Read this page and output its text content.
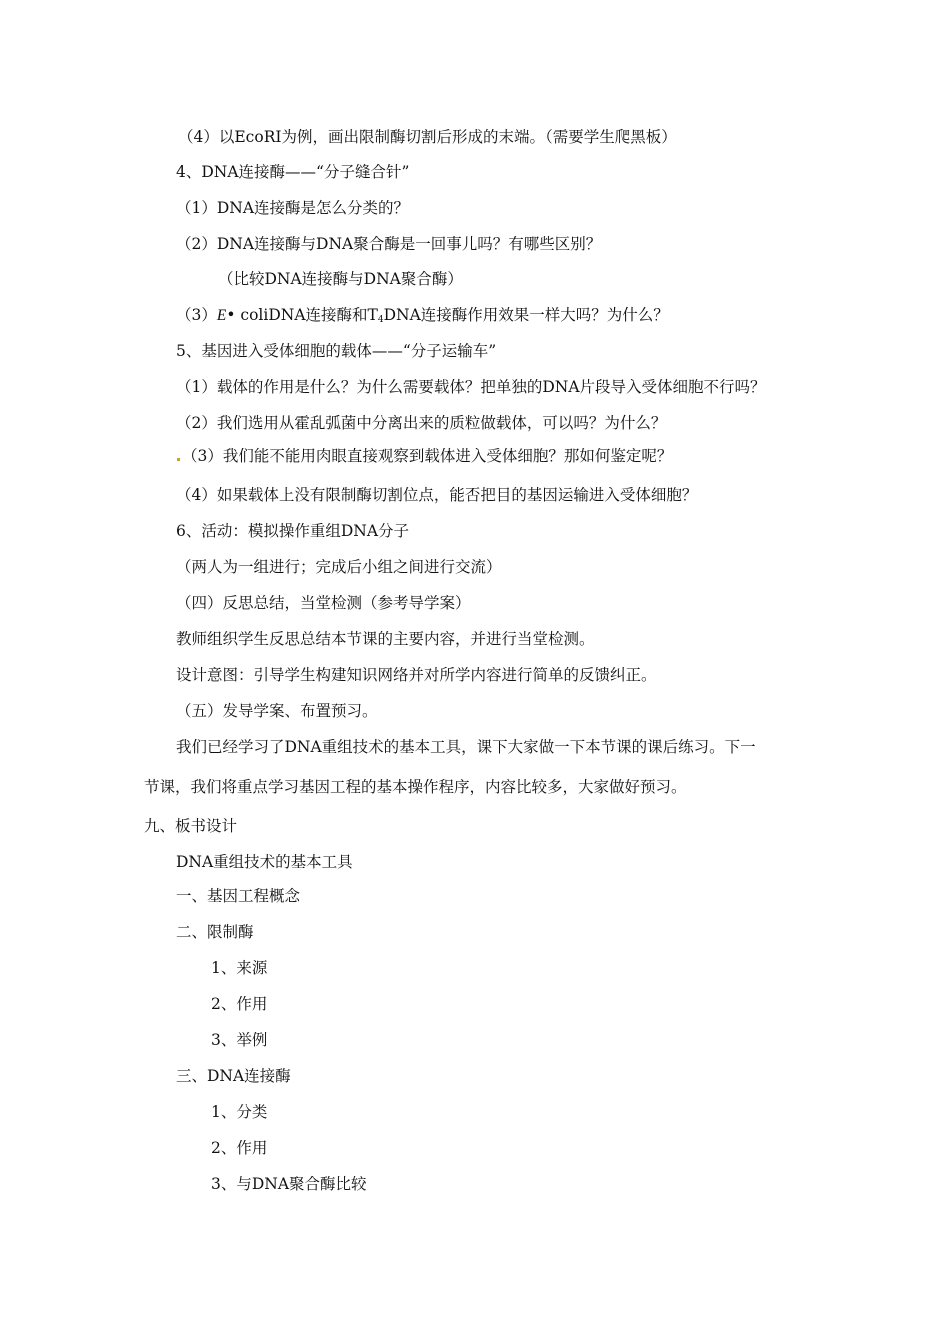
（4）以EcoRI为例，画出限制酶切割后形成的末端。（需要学生爬黑板）
4、DNA连接酶——“分子缝合针”
（1）DNA连接酶是怎么分类的？
（2）DNA连接酶与DNA聚合酶是一回事儿吗？有哪些区别？
（比较DNA连接酶与DNA聚合酶）
（3）E• coliDNA连接酶和$T_4DNA$连接酶作用效果一样大吗？为什么？
5、基因进入受体细胞的载体——“分子运输车”
（1）载体的作用是什么？为什么需要载体？把单独的DNA片段导入受体细胞不行吗？
（2）我们选用从霍乱弧菌中分离出来的质粒做载体，可以吗？为什么？
（3）我们能不能用肉眼直接观察到载体进入受体细胞？那如何鉴定呢？
（4）如果载体上没有限制酶切割位点，能否把目的基因运输进入受体细胞？
6、活动：模拟操作重组DNA分子
（两人为一组进行；完成后小组之间进行交流）
（四）反思总结，当堂检测（参考导学案）
教师组织学生反思总结本节课的主要内容，并进行当堂检测。
设计意图：引导学生构建知识网络并对所学内容进行简单的反馈纠正。
（五）发导学案、布置预习。
我们已经学习了DNA重组技术的基本工具，课下大家做一下本节课的课后练习。下一
节课，我们将重点学习基因工程的基本操作程序，内容比较多，大家做好预习。
九、板书设计
DNA重组技术的基本工具
一、基因工程概念
二、限制酶
1、来源
2、作用
3、举例
三、DNA连接酶
1、分类
2、作用
3、与DNA聚合酶比较
